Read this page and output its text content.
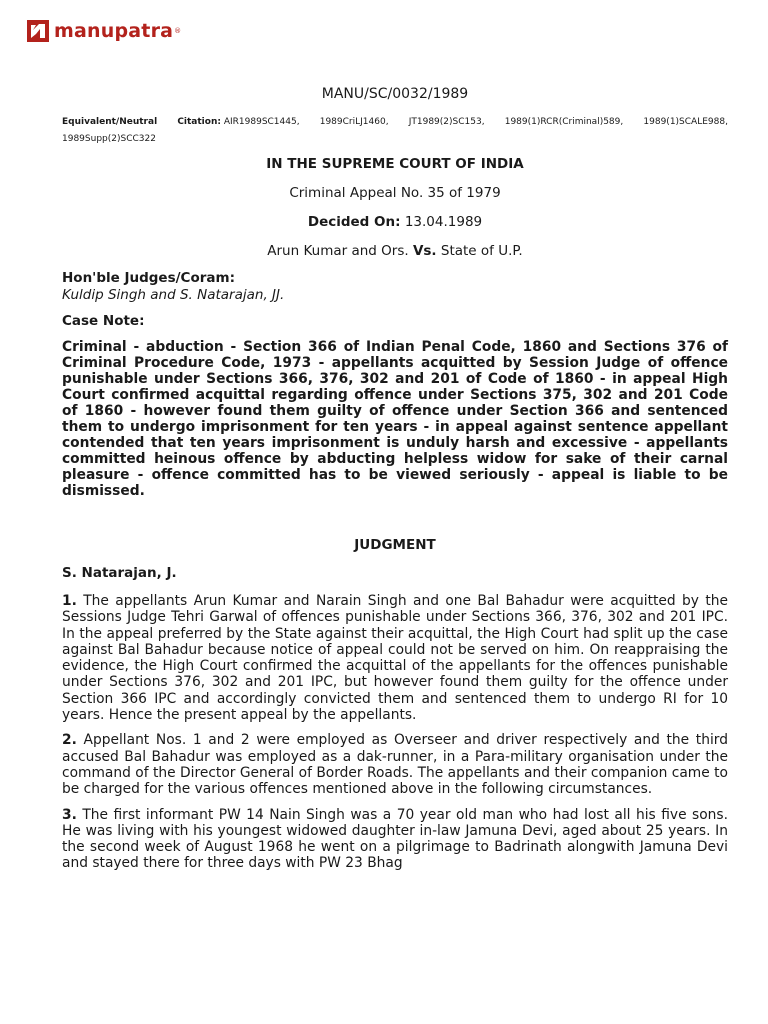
manupatra ®

MANU/SC/0032/1989

Equivalent/Neutral Citation: AIR1989SC1445, 1989CriLJ1460, JT1989(2)SC153, 1989(1)RCR(Criminal)589, 1989(1)SCALE988,
1989Supp(2)SCC322

IN THE SUPREME COURT OF INDIA

Criminal Appeal No. 35 of 1979

Decided On: 13.04.1989

Arun Kumar and Ors. Vs. State of U.P.

Hon'ble Judges/Coram:

Kuldip Singh and S. Natarajan, JJ.

Case Note:

Criminal - abduction - Section 366 of Indian Penal Code, 1860 and Sections 376 of Criminal Procedure Code, 1973 - appellants acquitted by Session Judge of offence punishable under Sections 366, 376, 302 and 201 of Code of 1860 - in appeal High Court confirmed acquittal regarding offence under Sections 375, 302 and 201 Code of 1860 - however found them guilty of offence under Section 366 and sentenced them to undergo imprisonment for ten years - in appeal against sentence appellant contended that ten years imprisonment is unduly harsh and excessive - appellants committed heinous offence by abducting helpless widow for sake of their carnal pleasure - offence committed has to be viewed seriously - appeal is liable to be dismissed.

JUDGMENT

S. Natarajan, J.

1. The appellants Arun Kumar and Narain Singh and one Bal Bahadur were acquitted by the Sessions Judge Tehri Garwal of offences punishable under Sections 366, 376, 302 and 201 IPC. In the appeal preferred by the State against their acquittal, the High Court had split up the case against Bal Bahadur because notice of appeal could not be served on him. On reappraising the evidence, the High Court confirmed the acquittal of the appellants for the offences punishable under Sections 376, 302 and 201 IPC, but however found them guilty for the offence under Section 366 IPC and accordingly convicted them and sentenced them to undergo RI for 10 years. Hence the present appeal by the appellants.

2. Appellant Nos. 1 and 2 were employed as Overseer and driver respectively and the third accused Bal Bahadur was employed as a dak-runner, in a Para-military organisation under the command of the Director General of Border Roads. The appellants and their companion came to be charged for the various offences mentioned above in the following circumstances.

3. The first informant PW 14 Nain Singh was a 70 year old man who had lost all his five sons. He was living with his youngest widowed daughter in-law Jamuna Devi, aged about 25 years. In the second week of August 1968 he went on a pilgrimage to Badrinath alongwith Jamuna Devi and stayed there for three days with PW 23 Bhag
